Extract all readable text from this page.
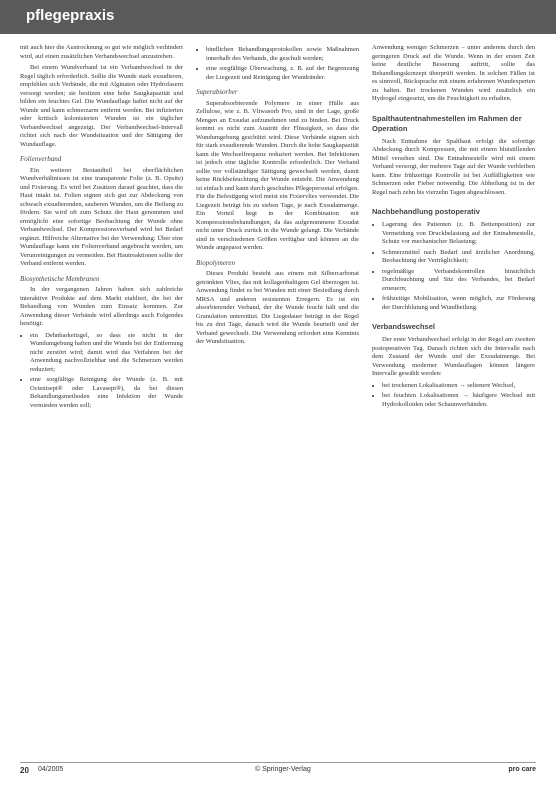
pflegepraxis

mit auch hier die Austrocknung so gut wie möglich verhindert wird, auf einen zusätzlichen Verbandswechsel anzustreben.

Bei einem Wundverband ist ein Verbandwechsel in der Regel täglich erforderlich. Sollte die Wunde stark exsudieren, empfehlen sich Verbände, die mit Alginaten oder Hydrofasern versorgt werden; sie besitzen eine hohe Saugkapazität und bilden ein feuchtes Gel. Die Wundauflage haftet nicht auf der Wunde und kann schmerzarm entfernt werden. Bei infizierten oder kritisch kolonisierten Wunden ist ein täglicher Verbandwechsel angezeigt. Der Verbandwechsel-Intervall richtet sich nach der Wundsituation und der Sättigung der Wundauflage.

Folienverband

Ein weiterer Bestandteil bei oberflächlichen Wundverhältnissen ist eine transparente Folie (z. B. Opsite) und Fixierung. Es wird bei Zusätzen darauf geachtet, dass die Haut intakt ist. Folien eignen sich gut zur Abdeckung von schwach exsudierenden, sauberen Wunden, um die Heilung zu fördern. Sie wird oft zum Schutz der Haut genommen und ermöglicht eine sofortige Beobachtung der Wunde ohne Verbandwechsel. Der Kompressionsverband wird bei Bedarf ergänzt. Hilfreiche Alternative bei der Verwendung: Über eine Wundauflage kann ein Folienverband angebracht werden, um Verunreinigungen zu vermeiden. Bei Hautreaktionen sollte der Verband entfernt werden.

Biosynthetische Membranen

In der vergangenen Jahren haben sich zahlreiche interaktive Produkte auf dem Markt etabliert, die bei der Behandlung von Wunden zum Einsatz kommen. Zur Anwendung dieser Verbände wird allerdings auch Folgendes benötigt:

• ein Dehnbarkeitsgel, so dass sie nicht in der Wundumgebung haften und die Wunde bei der Entfernung nicht zerstört wird; damit wird das Verfahren bei der Anwendung nachvollziehbar und die Schmerzen werden reduziert;
• eine sorgfältige Reinigung der Wunde (z. B. mit Octenisept® oder Lavasept®), da bei diesen Behandlungsmethoden eine Infektion der Wunde vermieden werden soll;
• bindlichen Behandlungsprotokollen sowie Maßnahmen innerhalb des Verbands, die geschult werden;
• eine sorgfältige Überwachung, z. B. auf der Begrenzung der Liegezeit und Reinigung der Wundränder.
Superabsorber

Superabsorbierende Polymere in einer Hülle aus Zellulose, wie z. B. Vliwasorb Pro, sind in der Lage, große Mengen an Exsudat aufzunehmen und zu binden. Bei Druck kommt es nicht zum Austritt der Flüssigkeit, so dass die Wundumgebung geschützt wird. Diese Verbände eignen sich für stark exsudierende Wunden. Durch die hohe Saugkapazität kann die Wechselfrequenz reduziert werden. Bei Infektionen ist jedoch eine tägliche Kontrolle erforderlich. Der Verband sollte vor vollständiger Sättigung gewechselt werden, damit keine Rückbefeuchtung der Wunde entsteht. Die Anwendung ist einfach und kann durch geschultes Pflegepersonal erfolgen. Für die Befestigung wird meist ein Fixiervlies verwendet. Die Liegezeit beträgt bis zu sieben Tage, je nach Exsudatmenge. Ein Vorteil liegt in der Kombination mit Kompressionsbehandlungen, da das aufgenommene Exsudat nicht unter Druck zurück in die Wunde gelangt. Die Verbände sind in verschiedenen Größen verfügbar und können an die Wunde angepasst werden.

Biopolymeren

Dieses Produkt besteht aus einem mit Silbercarbonat getränkten Vlies, das mit kollagenhaltigem Gel überzogen ist. Anwendung findet es bei Wunden mit einer Besiedlung durch MRSA und anderen resistenten Erregern. Es ist ein absorbierender Verband, der die Wunde feucht hält und die Granulation unterstützt. Die Liegedauer beträgt in der Regel bis zu drei Tage, danach wird die Wunde beurteilt und der Verband gewechselt. Die Verwendung erfordert eine Kenntnis der Wundsituation.

Anwendung weniger Schmerzen – unter anderem durch den geringeren Druck auf die Wunde. Wenn in der ersten Zeit keine deutliche Besserung auftritt, sollte das Behandlungskonzept überprüft werden. In solchen Fällen ist es sinnvoll, Rücksprache mit einem erfahrenen Wundexperten zu halten. Bei trockenen Wunden wird zusätzlich ein Hydrogel eingesetzt, um die Feuchtigkeit zu erhalten.

Spalthautentnahmestellen im Rahmen der Operation

Nach Entnahme der Spalthaut erfolgt die sofortige Abdeckung durch Kompressen, die mit einem blutstillenden Mittel versehen sind. Die Entnahmestelle wird mit einem Verband versorgt, der mehrere Tage auf der Wunde verbleiben kann. Eine frühzeitige Kontrolle ist bei Auffälligkeiten wie Schmerzen oder Fieber notwendig. Die Abheilung ist in der Regel nach zehn bis vierzehn Tagen abgeschlossen.

Nachbehandlung postoperativ
• Lagerung des Patienten (z. B. Bettenposition) zur Vermeidung von Druckbelastung auf der Entnahmestelle, Schutz vor mechanischer Belastung;
• Schmerzmittel nach Bedarf und ärztlicher Anordnung, Beobachtung der Verträglichkeit;
• regelmäßige Verbandskontrollen hinsichtlich Durchfeuchtung und Sitz des Verbandes, bei Bedarf erneuern;
• frühzeitige Mobilisation, wenn möglich, zur Förderung der Durchblutung und Wundheilung.
Verbandswechsel

Der erste Verbandwechsel erfolgt in der Regel am zweiten postoperativen Tag. Danach richten sich die Intervalle nach dem Zustand der Wunde und der Exsudatmenge. Bei Verwendung moderner Wundauflagen können längere Intervalle gewählt werden:

• bei trockenen Lokalisationen → seltenere Wechsel,
• bei feuchten Lokalisationen → häufigere Wechsel mit Hydrokolloiden oder Schaumverbänden.
20 04/2005	© Springer-Verlag	pro care
